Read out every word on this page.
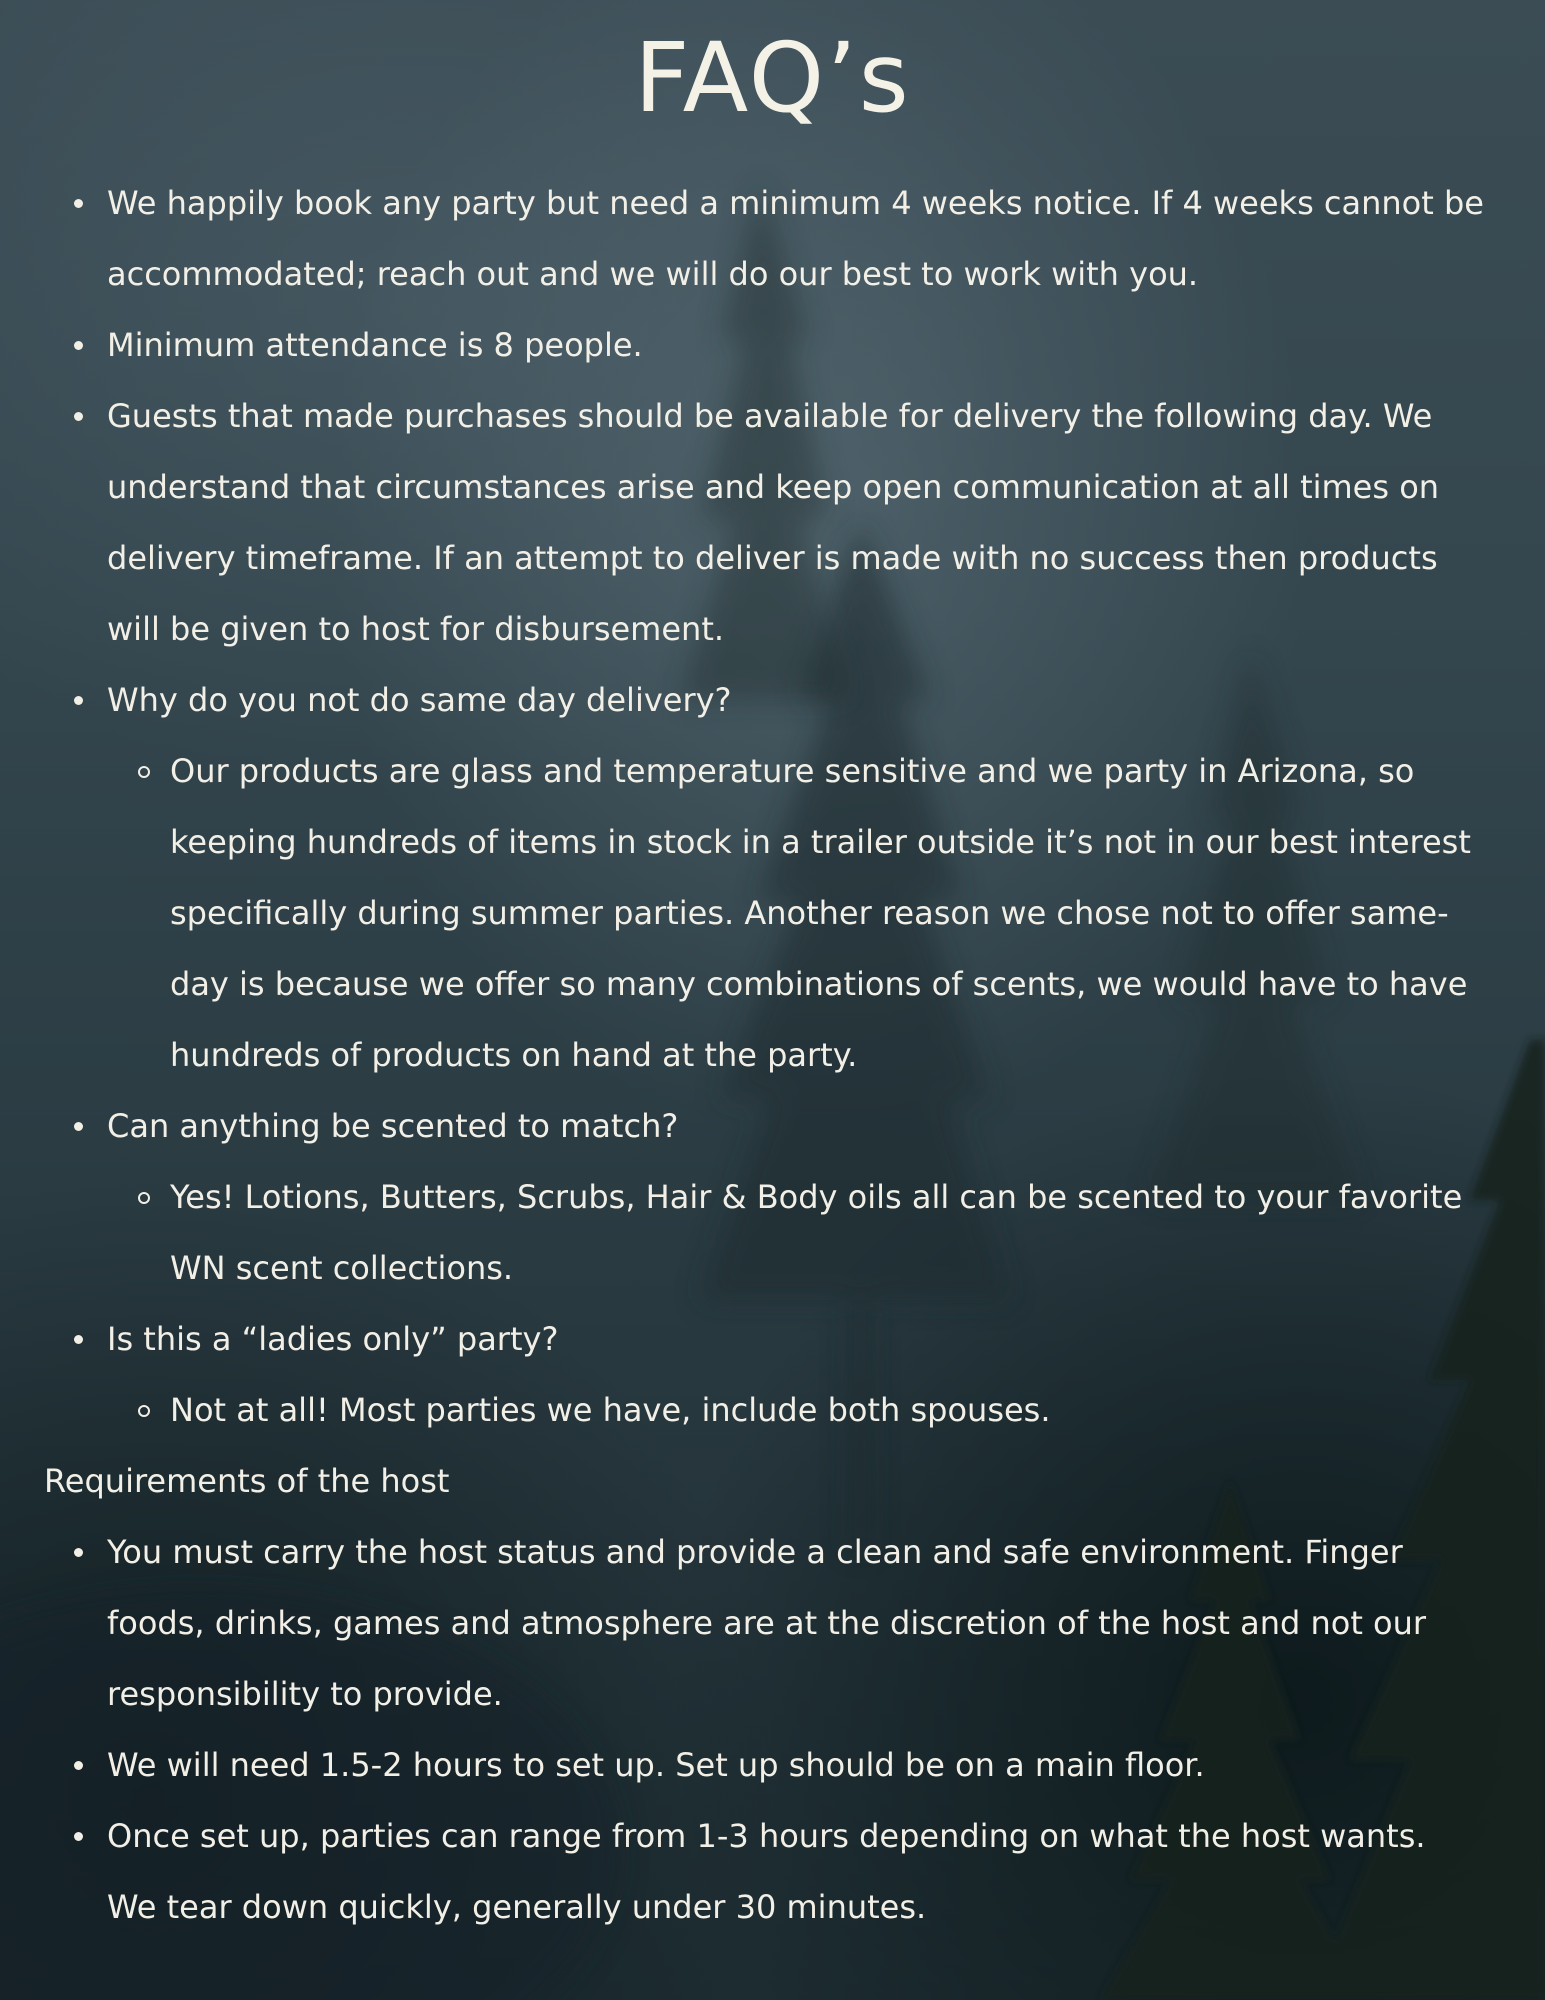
FAQ’s
We happily book any party but need a minimum 4 weeks notice. If 4 weeks cannot be accommodated; reach out and we will do our best to work with you.
Minimum attendance is 8 people.
Guests that made purchases should be available for delivery the following day. We understand that circumstances arise and keep open communication at all times on delivery timeframe. If an attempt to deliver is made with no success then products will be given to host for disbursement.
Why do you not do same day delivery?
Our products are glass and temperature sensitive and we party in Arizona, so keeping hundreds of items in stock in a trailer outside it’s not in our best interest specifically during summer parties. Another reason we chose not to offer same-day is because we offer so many combinations of scents, we would have to have hundreds of products on hand at the party.
Can anything be scented to match?
Yes! Lotions, Butters, Scrubs, Hair & Body oils all can be scented to your favorite WN scent collections.
Is this a “ladies only” party?
Not at all! Most parties we have, include both spouses.
Requirements of the host
You must carry the host status and provide a clean and safe environment. Finger foods, drinks, games and atmosphere are at the discretion of the host and not our responsibility to provide.
We will need 1.5-2 hours to set up. Set up should be on a main floor.
Once set up, parties can range from 1-3 hours depending on what the host wants. We tear down quickly, generally under 30 minutes.
